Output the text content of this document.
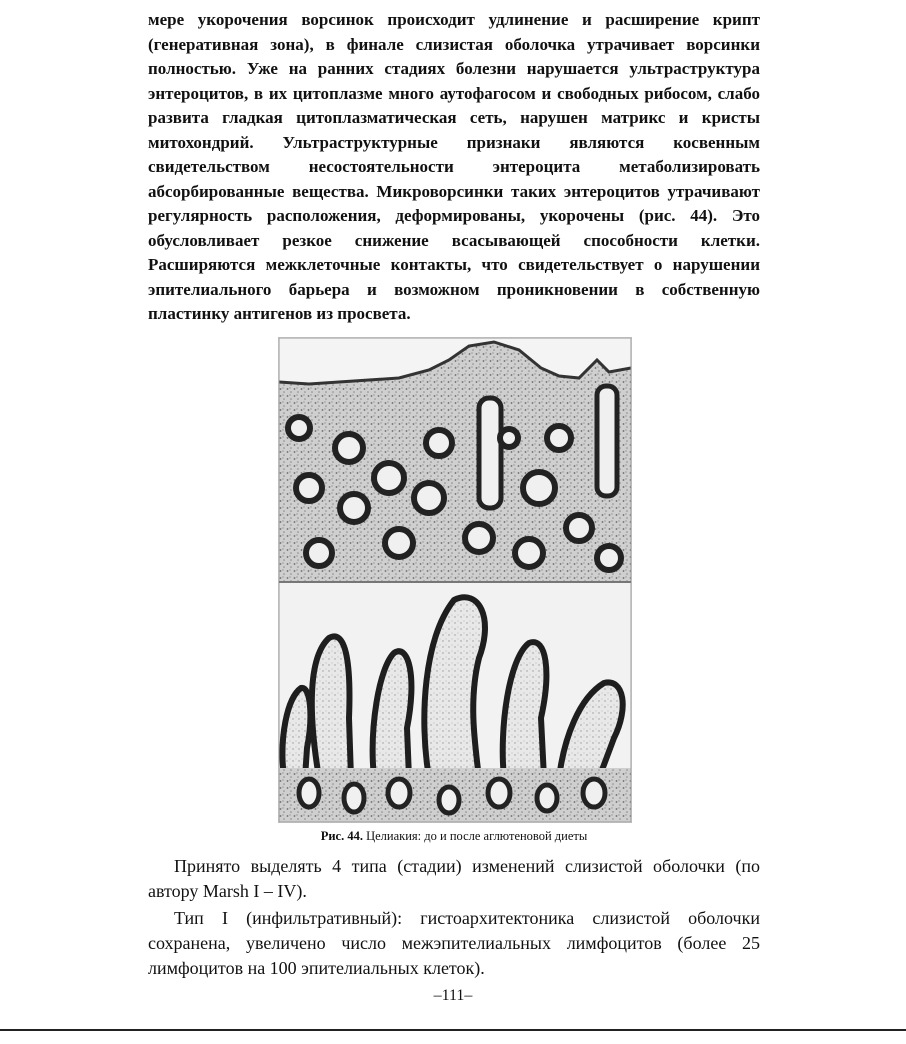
мере укорочения ворсинок происходит удлинение и расширение крипт (генеративная зона), в финале слизистая оболочка утрачивает ворсинки полностью. Уже на ранних стадиях болезни нарушается ультраструктура энтероцитов, в их цитоплазме много аутофагосом и свободных рибосом, слабо развита гладкая цитоплазматическая сеть, нарушен матрикс и кристы митохондрий. Ультраструктурные признаки являются косвенным свидетельством несостоятельности энтероцита метаболизировать абсорбированные вещества. Микроворсинки таких энтероцитов утрачивают регулярность расположения, деформированы, укорочены (рис. 44). Это обусловливает резкое снижение всасывающей способности клетки. Расширяются межклеточные контакты, что свидетельствует о нарушении эпителиального барьера и возможном проникновении в собственную пластинку антигенов из просвета.

Рис. 44. Целиакия: до и после аглютеновой диеты

Принято выделять 4 типа (стадии) изменений слизистой оболочки (по автору Marsh I – IV).

Тип I (инфильтративный): гистоархитектоника слизистой оболочки сохранена, увеличено число межэпителиальных лимфоцитов (более 25 лимфоцитов на 100 эпителиальных клеток).

–111–
